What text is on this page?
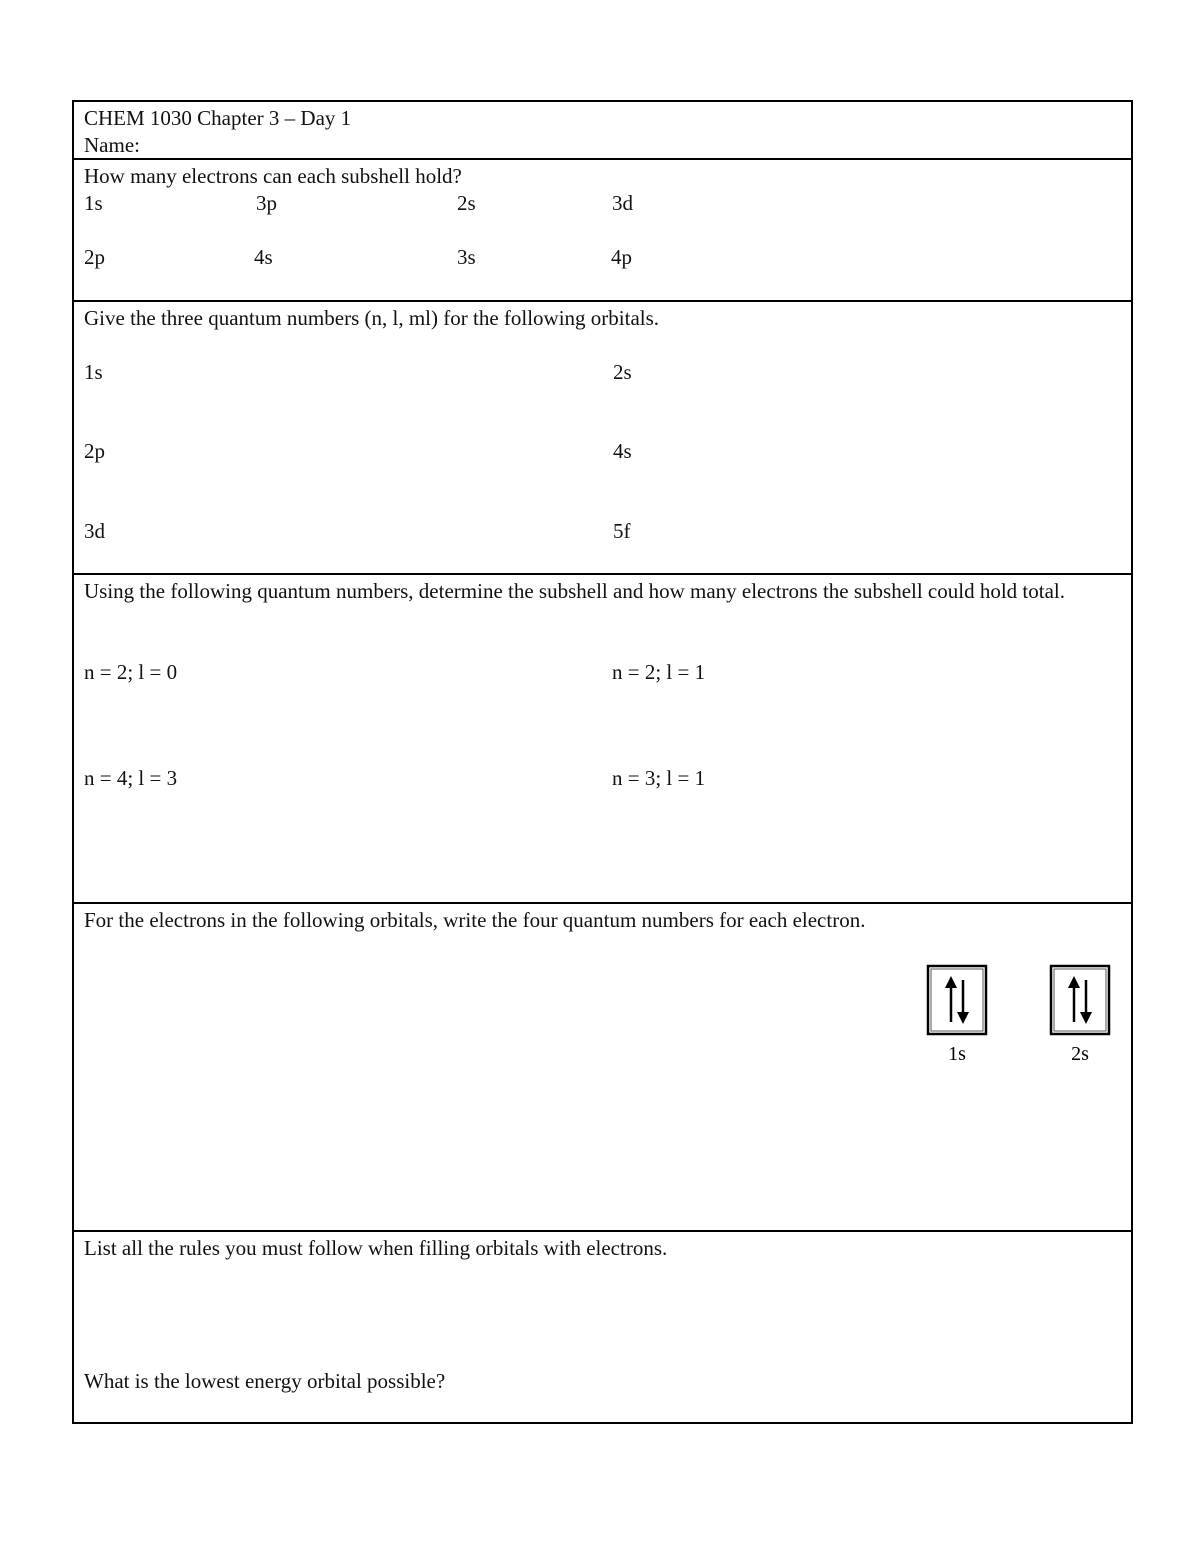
CHEM 1030 Chapter 3 – Day 1
Name:
How many electrons can each subshell hold?
1s	3p	2s	3d
2p	4s	3s	4p
Give the three quantum numbers (n, l, ml) for the following orbitals.
1s	2s
2p	4s
3d	5f
Using the following quantum numbers, determine the subshell and how many electrons the subshell could hold total.
n = 2; l = 0	n = 2; l = 1
n = 4; l = 3	n = 3; l = 1
For the electrons in the following orbitals, write the four quantum numbers for each electron.
1s	2s
List all the rules you must follow when filling orbitals with electrons.
What is the lowest energy orbital possible?
